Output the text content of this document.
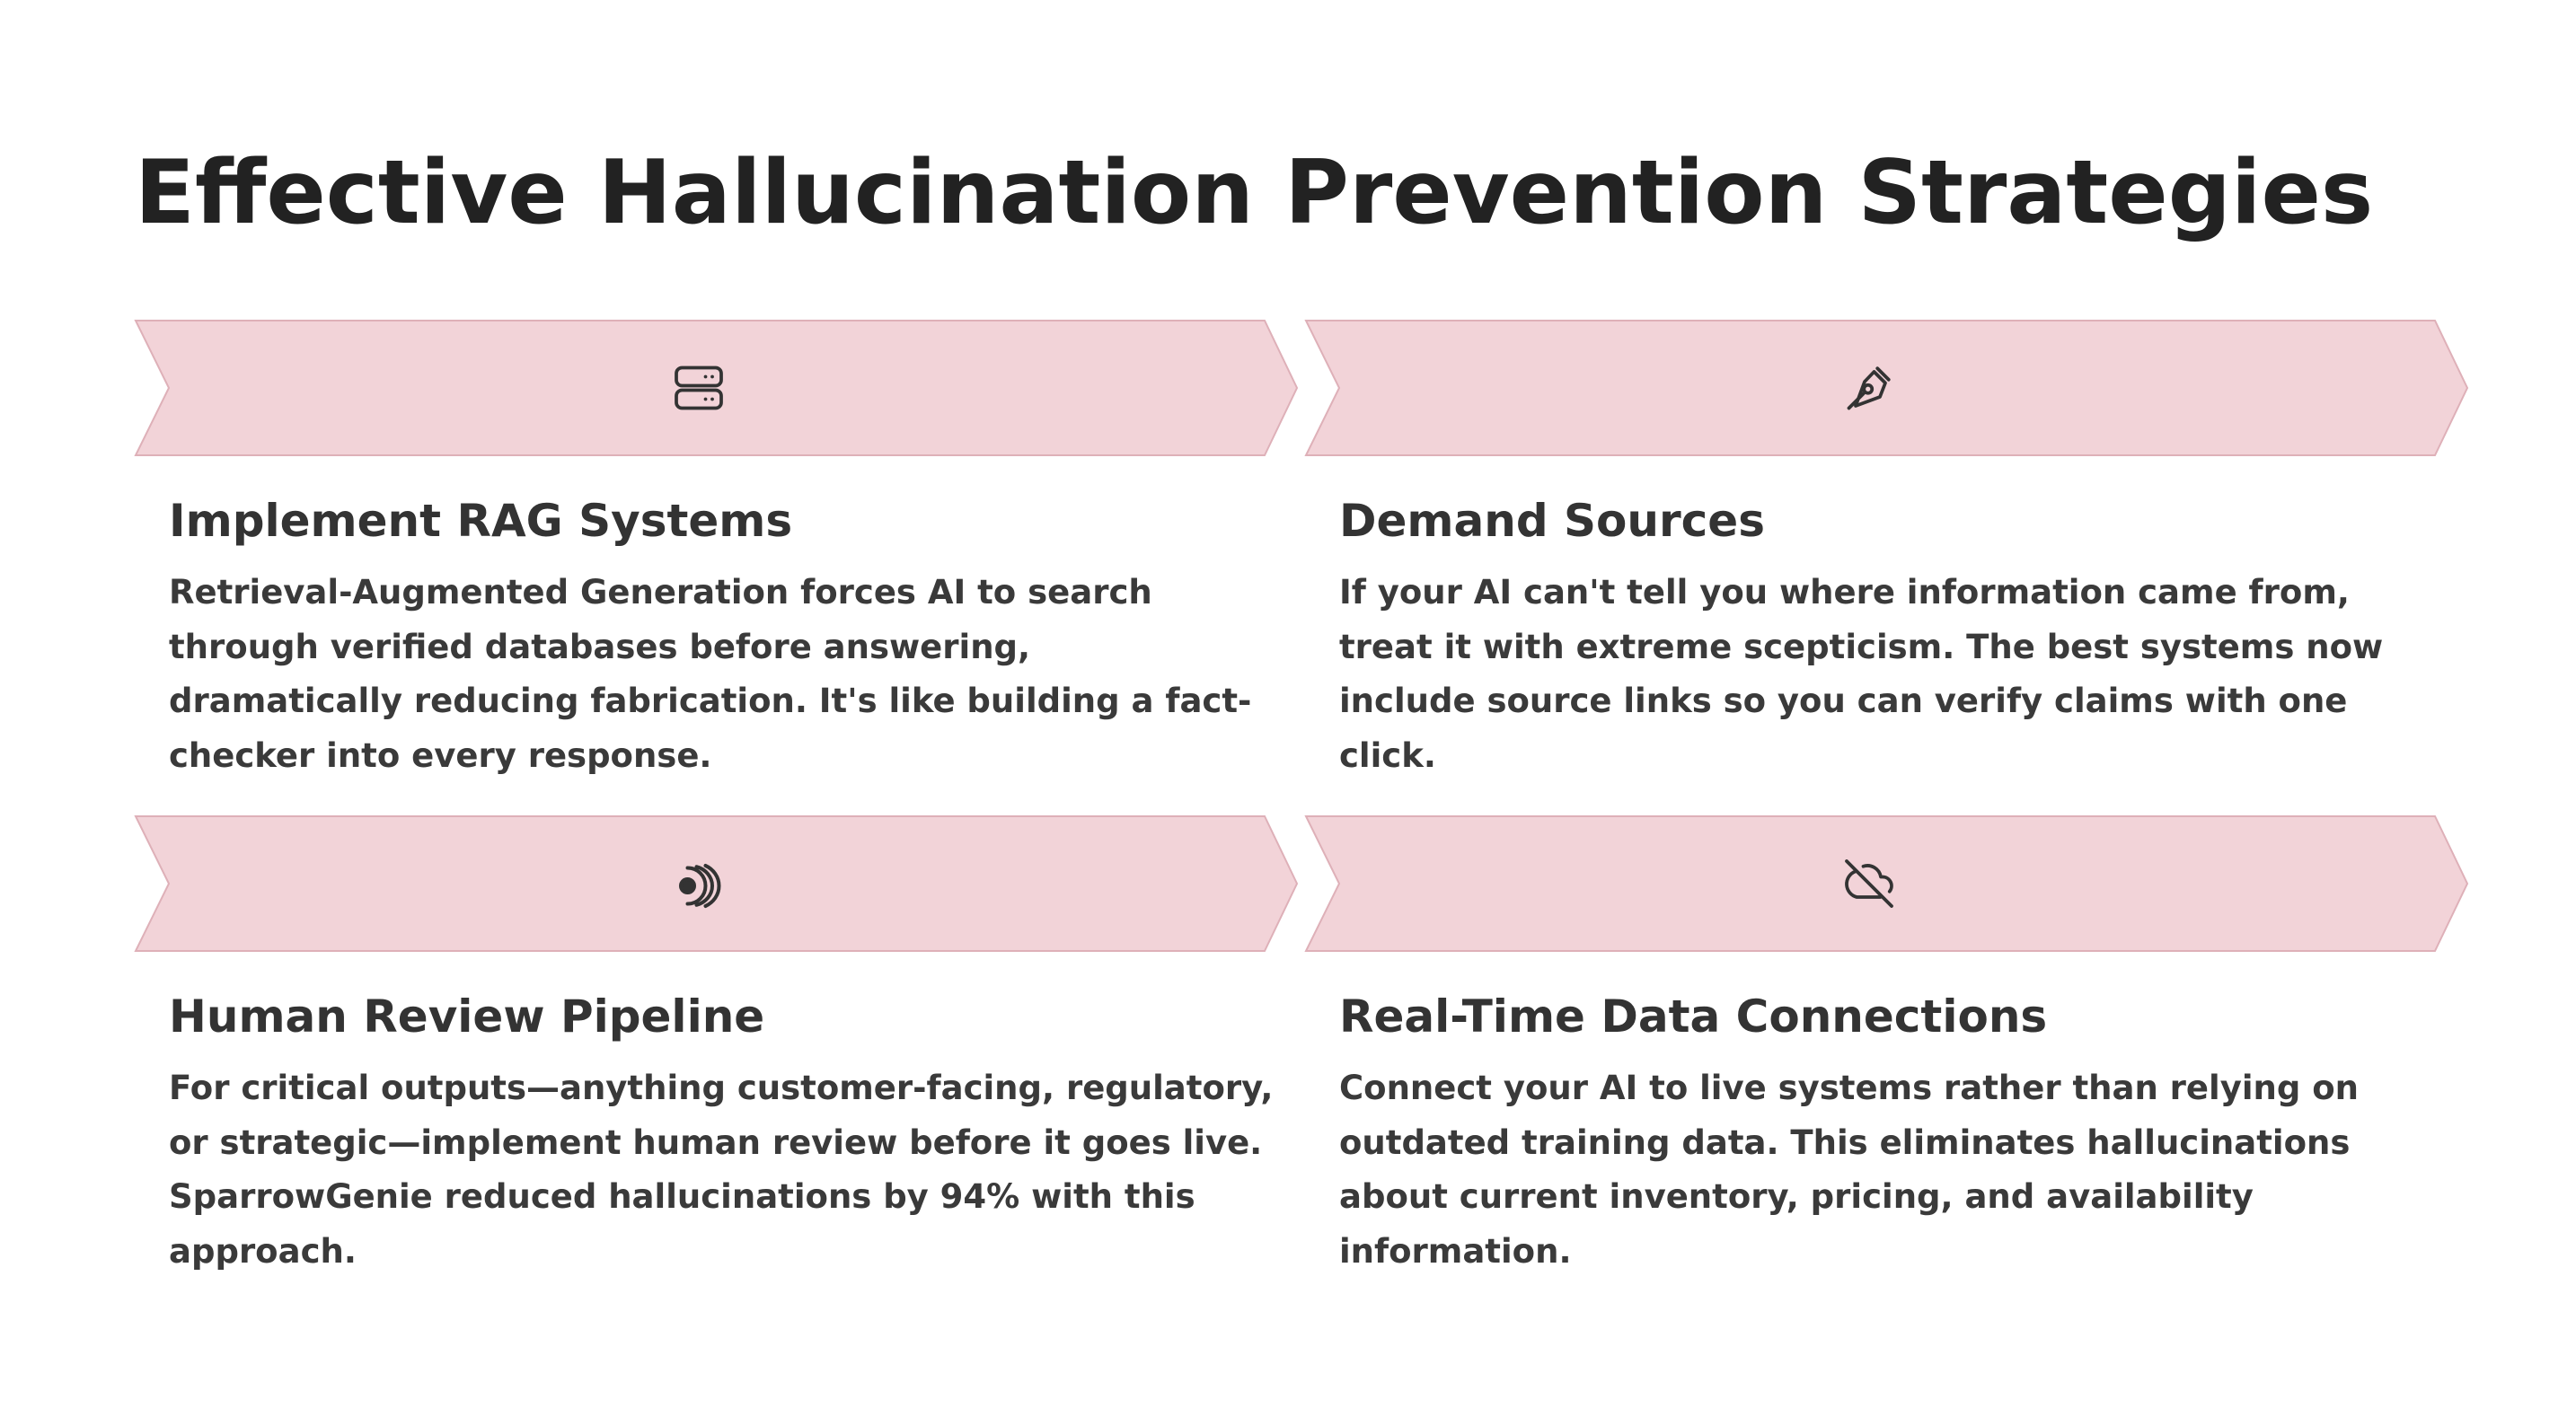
Effective Hallucination Prevention Strategies
Implement RAG Systems

Retrieval-Augmented Generation forces AI to search through verified databases before answering, dramatically reducing fabrication. It's like building a fact-checker into every response.

Demand Sources

If your AI can't tell you where information came from, treat it with extreme scepticism. The best systems now include source links so you can verify claims with one click.

Human Review Pipeline

For critical outputs—anything customer-facing, regulatory, or strategic—implement human review before it goes live. SparrowGenie reduced hallucinations by 94% with this approach.

Real-Time Data Connections

Connect your AI to live systems rather than relying on outdated training data. This eliminates hallucinations about current inventory, pricing, and availability information.
